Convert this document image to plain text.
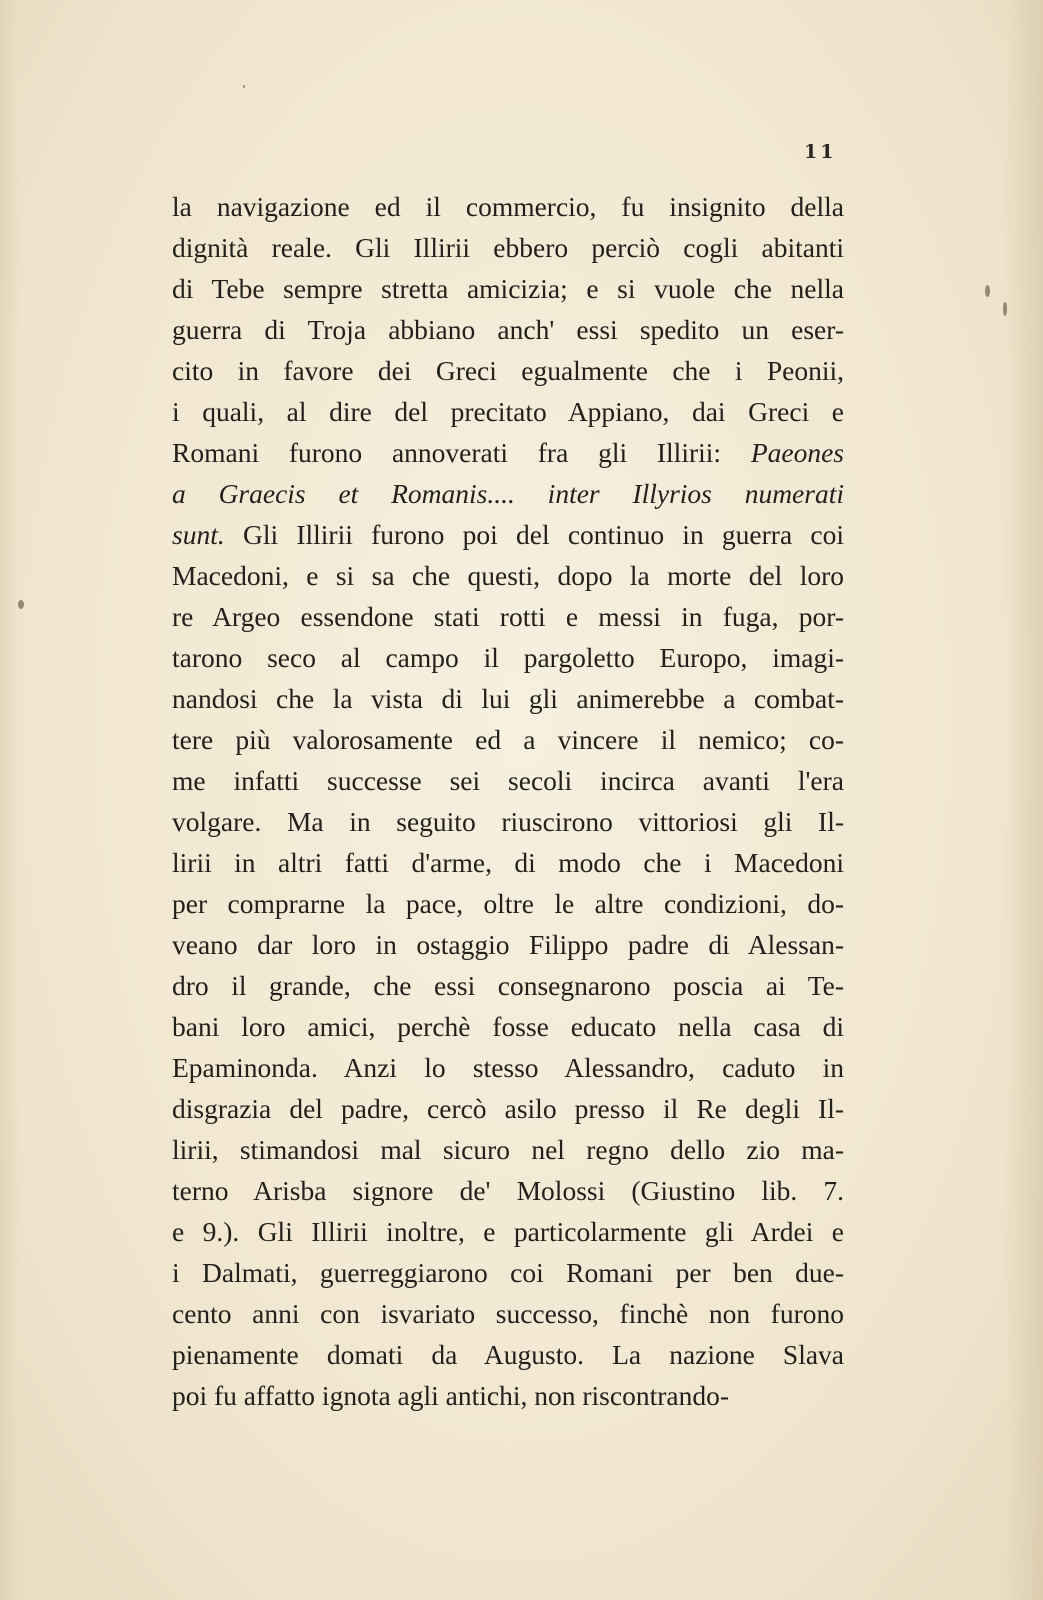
11
la navigazione ed il commercio, fu insignito della
dignità reale. Gli Illirii ebbero perciò cogli abitanti
di Tebe sempre stretta amicizia; e si vuole che nella
guerra di Troja abbiano anch' essi spedito un eser-
cito in favore dei Greci egualmente che i Peonii,
i quali, al dire del precitato Appiano, dai Greci e
Romani furono annoverati fra gli Illirii: Paeones
a Graecis et Romanis.... inter Illyrios numerati
sunt. Gli Illirii furono poi del continuo in guerra coi
Macedoni, e si sa che questi, dopo la morte del loro
re Argeo essendone stati rotti e messi in fuga, por-
tarono seco al campo il pargoletto Europo, imagi-
nandosi che la vista di lui gli animerebbe a combat-
tere più valorosamente ed a vincere il nemico; co-
me infatti successe sei secoli incirca avanti l'era
volgare. Ma in seguito riuscirono vittoriosi gli Il-
lirii in altri fatti d'arme, di modo che i Macedoni
per comprarne la pace, oltre le altre condizioni, do-
veano dar loro in ostaggio Filippo padre di Alessan-
dro il grande, che essi consegnarono poscia ai Te-
bani loro amici, perchè fosse educato nella casa di
Epaminonda. Anzi lo stesso Alessandro, caduto in
disgrazia del padre, cercò asilo presso il Re degli Il-
lirii, stimandosi mal sicuro nel regno dello zio ma-
terno Arisba signore de' Molossi (Giustino lib. 7.
e 9.). Gli Illirii inoltre, e particolarmente gli Ardei e
i Dalmati, guerreggiarono coi Romani per ben due-
cento anni con isvariato successo, finchè non furono
pienamente domati da Augusto. La nazione Slava
poi fu affatto ignota agli antichi, non riscontrando-
